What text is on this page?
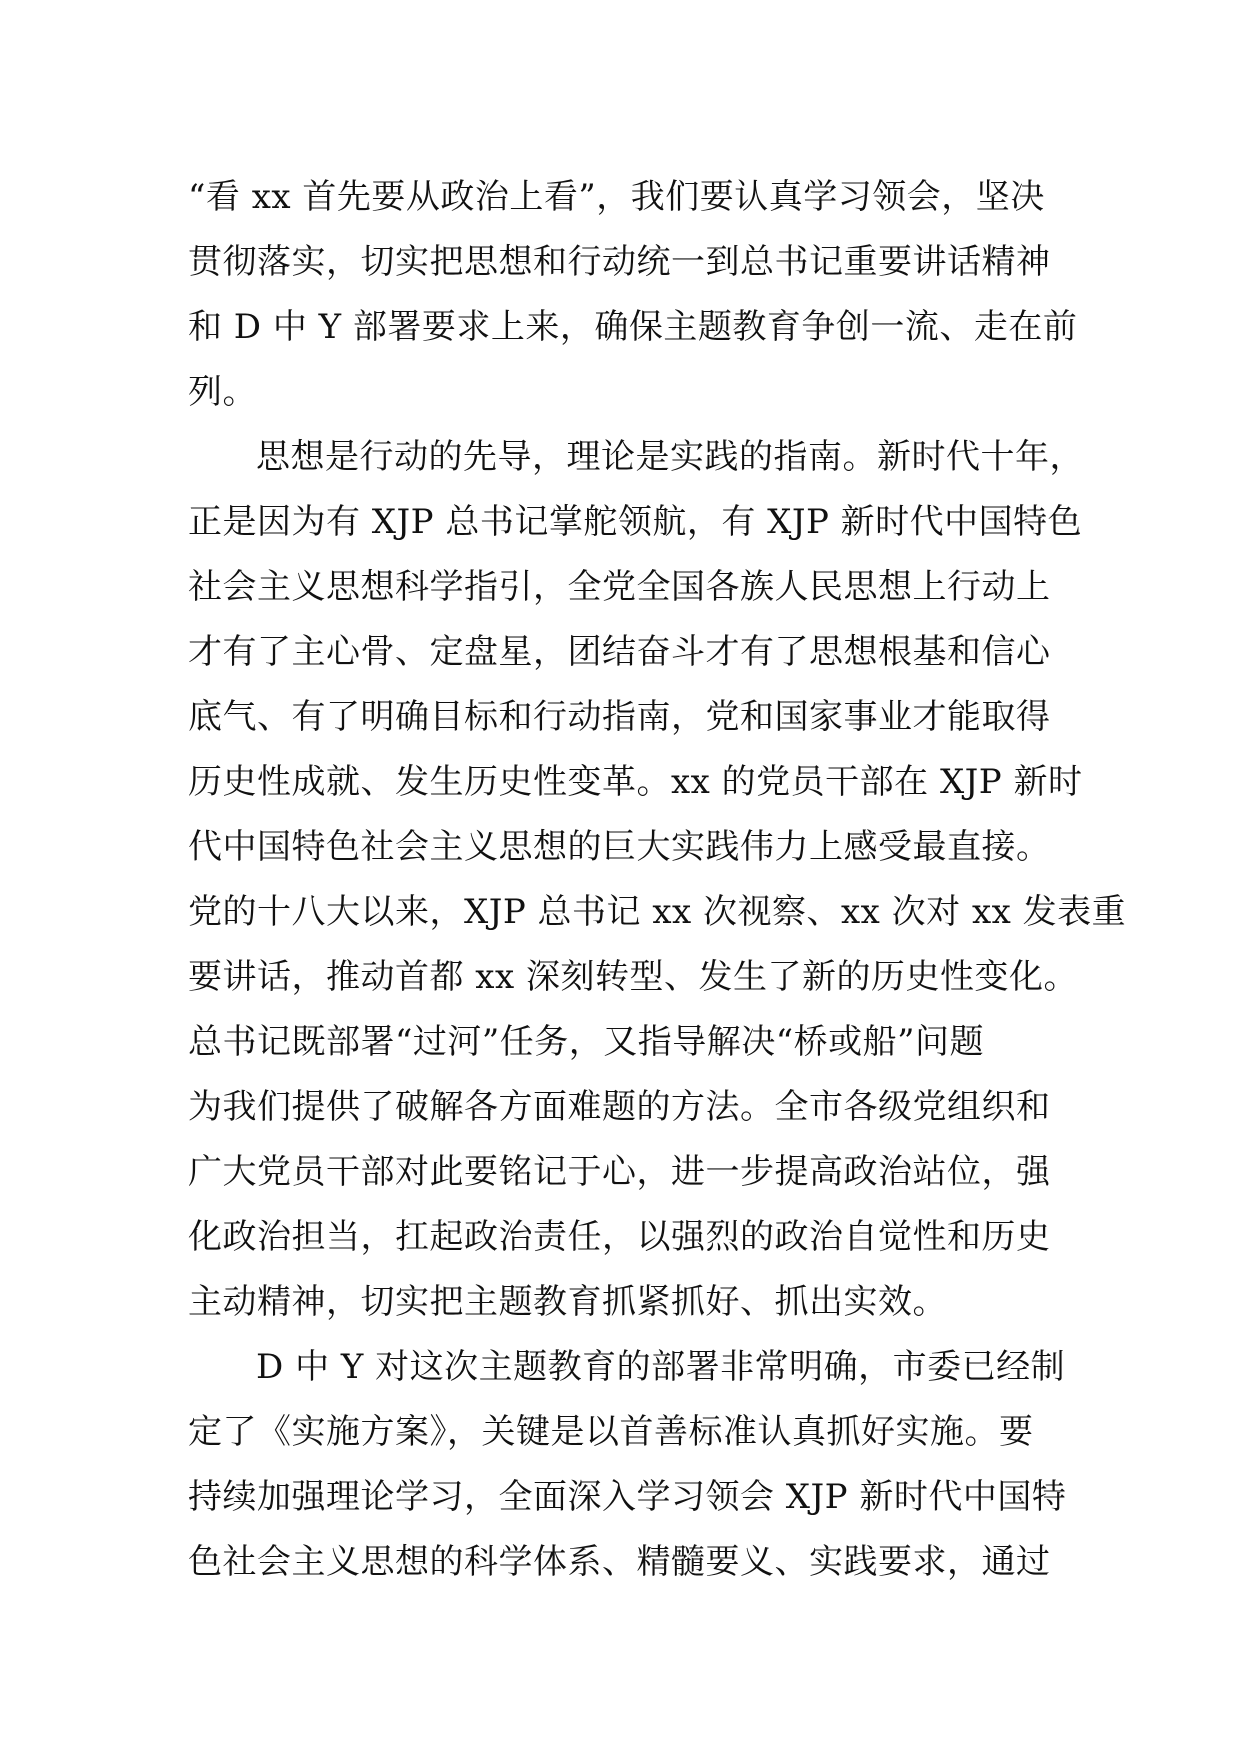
“看 xx 首先要从政治上看”，我们要认真学习领会，坚决
贯彻落实，切实把思想和行动统一到总书记重要讲话精神
和 D 中 Y 部署要求上来，确保主题教育争创一流、走在前
列。
思想是行动的先导，理论是实践的指南。新时代十年，
正是因为有 XJP 总书记掌舵领航，有 XJP 新时代中国特色
社会主义思想科学指引，全党全国各族人民思想上行动上
才有了主心骨、定盘星，团结奋斗才有了思想根基和信心
底气、有了明确目标和行动指南，党和国家事业才能取得
历史性成就、发生历史性变革。xx 的党员干部在 XJP 新时
代中国特色社会主义思想的巨大实践伟力上感受最直接。
党的十八大以来，XJP 总书记 xx 次视察、xx 次对 xx 发表重
要讲话，推动首都 xx 深刻转型、发生了新的历史性变化。
总书记既部署“过河”任务，又指导解决“桥或船”问题
为我们提供了破解各方面难题的方法。全市各级党组织和
广大党员干部对此要铭记于心，进一步提高政治站位，强
化政治担当，扛起政治责任，以强烈的政治自觉性和历史
主动精神，切实把主题教育抓紧抓好、抓出实效。
D 中 Y 对这次主题教育的部署非常明确，市委已经制
定了《实施方案》，关键是以首善标准认真抓好实施。要
持续加强理论学习，全面深入学习领会 XJP 新时代中国特
色社会主义思想的科学体系、精髓要义、实践要求，通过
